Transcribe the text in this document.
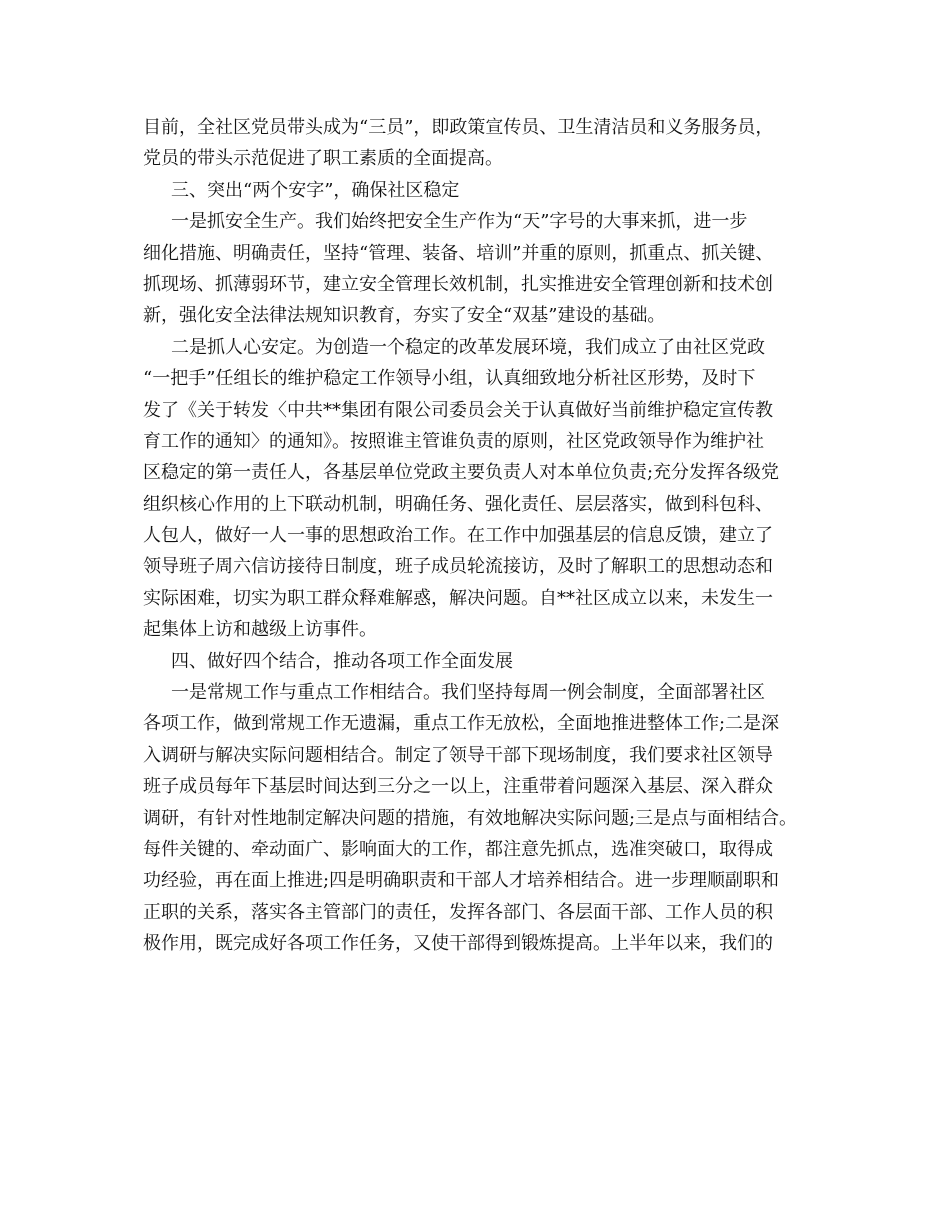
目前，全社区党员带头成为“三员”，即政策宣传员、卫生清洁员和义务服务员，
党员的带头示范促进了职工素质的全面提高。
三、突出“两个安字”，确保社区稳定
一是抓安全生产。我们始终把安全生产作为“天”字号的大事来抓，进一步
细化措施、明确责任，坚持“管理、装备、培训”并重的原则，抓重点、抓关键、
抓现场、抓薄弱环节，建立安全管理长效机制，扎实推进安全管理创新和技术创
新，强化安全法律法规知识教育，夯实了安全“双基”建设的基础。
二是抓人心安定。为创造一个稳定的改革发展环境，我们成立了由社区党政
“一把手”任组长的维护稳定工作领导小组，认真细致地分析社区形势，及时下
发了《关于转发〈中共**集团有限公司委员会关于认真做好当前维护稳定宣传教
育工作的通知〉的通知》。按照谁主管谁负责的原则，社区党政领导作为维护社
区稳定的第一责任人，各基层单位党政主要负责人对本单位负责;充分发挥各级党
组织核心作用的上下联动机制，明确任务、强化责任、层层落实，做到科包科、
人包人，做好一人一事的思想政治工作。在工作中加强基层的信息反馈，建立了
领导班子周六信访接待日制度，班子成员轮流接访，及时了解职工的思想动态和
实际困难，切实为职工群众释难解惑，解决问题。自**社区成立以来，未发生一
起集体上访和越级上访事件。
四、做好四个结合，推动各项工作全面发展
一是常规工作与重点工作相结合。我们坚持每周一例会制度，全面部署社区
各项工作，做到常规工作无遗漏，重点工作无放松，全面地推进整体工作;二是深
入调研与解决实际问题相结合。制定了领导干部下现场制度，我们要求社区领导
班子成员每年下基层时间达到三分之一以上，注重带着问题深入基层、深入群众
调研，有针对性地制定解决问题的措施，有效地解决实际问题;三是点与面相结合。
每件关键的、牵动面广、影响面大的工作，都注意先抓点，选准突破口，取得成
功经验，再在面上推进;四是明确职责和干部人才培养相结合。进一步理顺副职和
正职的关系，落实各主管部门的责任，发挥各部门、各层面干部、工作人员的积
极作用，既完成好各项工作任务，又使干部得到锻炼提高。上半年以来，我们的
